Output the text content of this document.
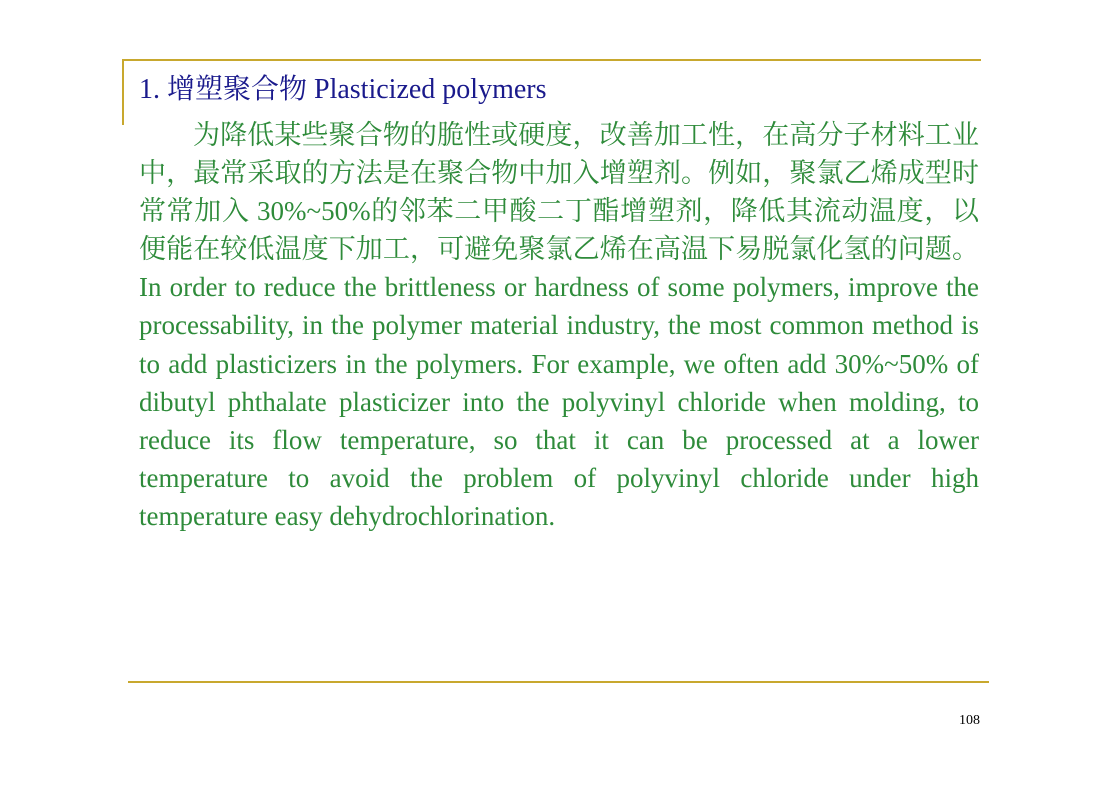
1. 增塑聚合物 Plasticized polymers

为降低某些聚合物的脆性或硬度，改善加工性，在高分子材料工业中，最常采取的方法是在聚合物中加入增塑剂。例如，聚氯乙烯成型时常常加入 30%~50%的邻苯二甲酸二丁酯增塑剂，降低其流动温度，以便能在较低温度下加工，可避免聚氯乙烯在高温下易脱氯化氢的问题。In order to reduce the brittleness or hardness of some polymers, improve the processability, in the polymer material industry, the most common method is to add plasticizers in the polymers. For example, we often add 30%~50% of dibutyl phthalate plasticizer into the polyvinyl chloride when molding, to reduce its flow temperature, so that it can be processed at a lower temperature to avoid the problem of polyvinyl chloride under high temperature easy dehydrochlorination.

108
